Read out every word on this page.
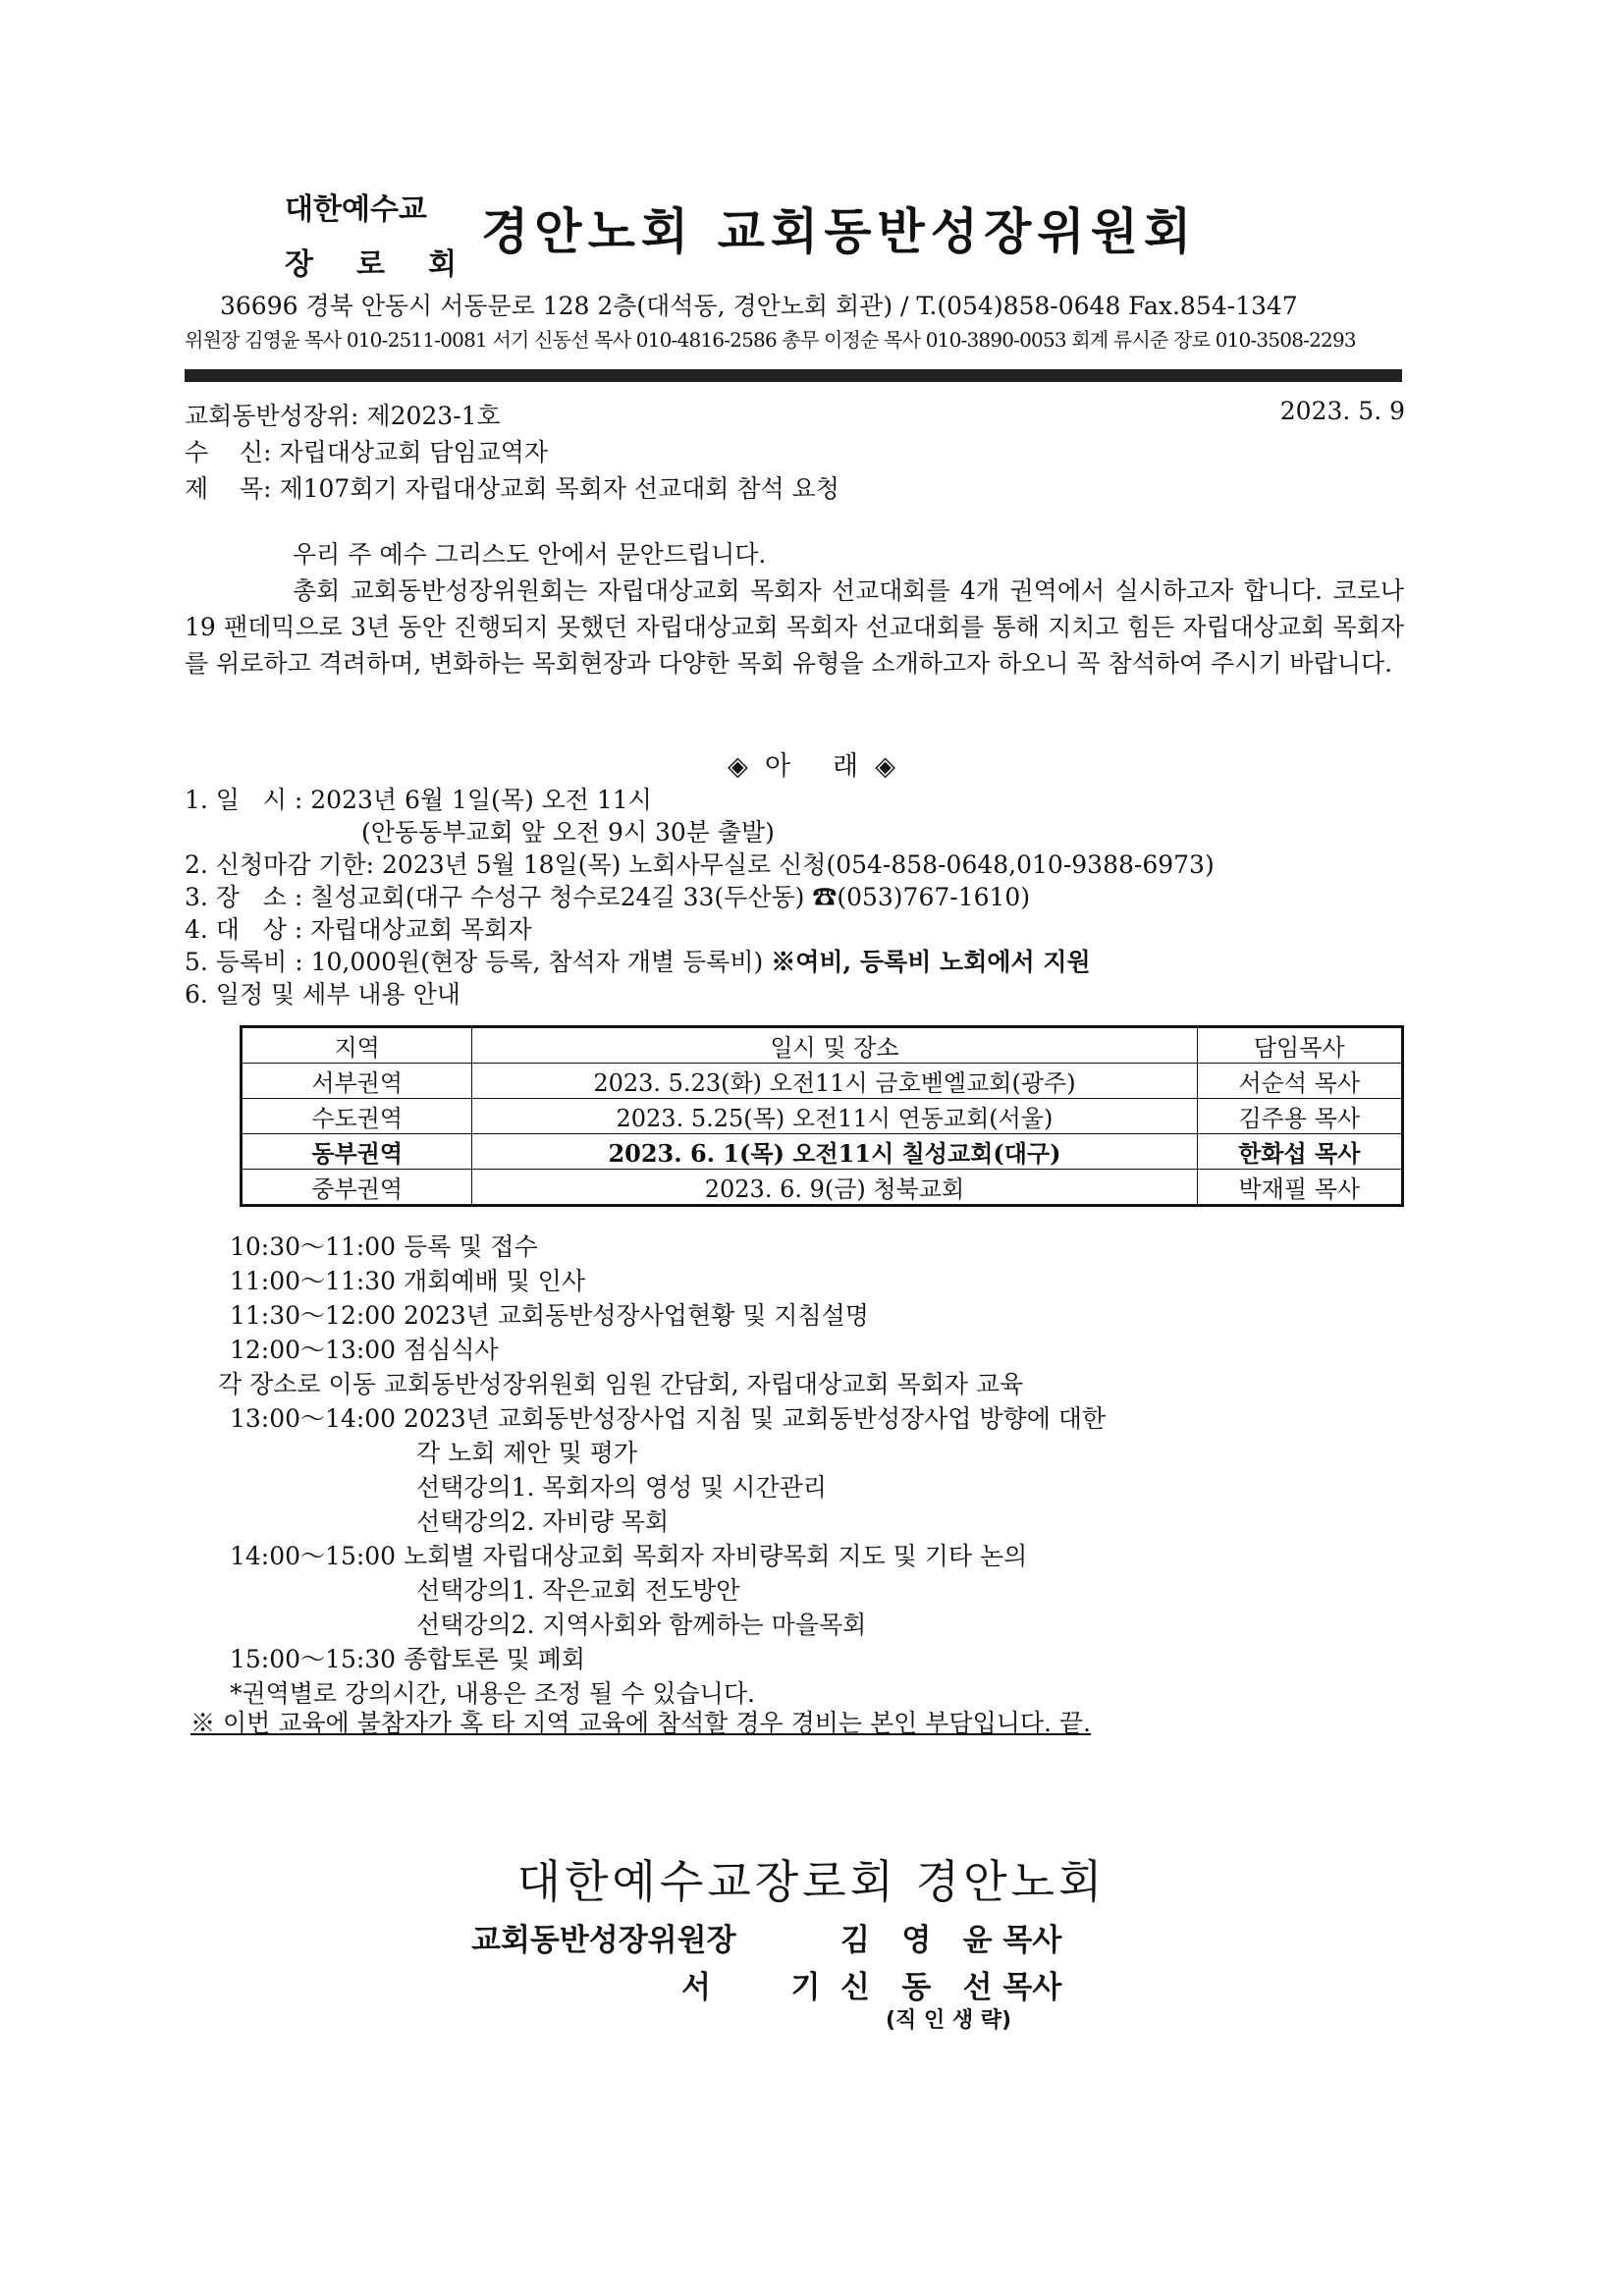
대한예수교
장로회
경안노회 교회동반성장위원회
36696 경북 안동시 서동문로 128 2층(대석동, 경안노회 회관) / T.(054)858-0648 Fax.854-1347
위원장 김영윤 목사 010-2511-0081 서기 신동선 목사 010-4816-2586 총무 이정순 목사 010-3890-0053 회계 류시준 장로 010-3508-2293
교회동반성장위: 제2023-1호	2023. 5. 9
수    신: 자립대상교회 담임교역자
제    목: 제107회기 자립대상교회 목회자 선교대회 참석 요청

우리 주 예수 그리스도 안에서 문안드립니다.

총회 교회동반성장위원회는 자립대상교회 목회자 선교대회를 4개 권역에서 실시하고자 합니다. 코로나19 팬데믹으로 3년 동안 진행되지 못했던 자립대상교회 목회자 선교대회를 통해 지치고 힘든 자립대상교회 목회자를 위로하고 격려하며, 변화하는 목회현장과 다양한 목회 유형을 소개하고자 하오니 꼭 참석하여 주시기 바랍니다.

◈  아     래  ◈
1. 일   시 : 2023년 6월 1일(목) 오전 11시
(안동동부교회 앞 오전 9시 30분 출발)
2. 신청마감 기한: 2023년 5월 18일(목) 노회사무실로 신청(054-858-0648,010-9388-6973)
3. 장   소 : 칠성교회(대구 수성구 청수로24길 33(두산동) ☎(053)767-1610)
4. 대   상 : 자립대상교회 목회자
5. 등록비 : 10,000원(현장 등록, 참석자 개별 등록비) ※여비, 등록비 노회에서 지원
6. 일정 및 세부 내용 안내
지역	일시 및 장소	담임목사
서부권역	2023. 5.23(화) 오전11시 금호벧엘교회(광주)	서순석 목사
수도권역	2023. 5.25(목) 오전11시 연동교회(서울)	김주용 목사
동부권역	2023. 6. 1(목) 오전11시 칠성교회(대구)	한화섭 목사
중부권역	2023. 6. 9(금) 청북교회	박재필 목사
10:30～11:00 등록 및 접수
11:00～11:30 개회예배 및 인사
11:30～12:00 2023년 교회동반성장사업현황 및 지침설명
12:00～13:00 점심식사
각 장소로 이동 교회동반성장위원회 임원 간담회, 자립대상교회 목회자 교육
13:00～14:00 2023년 교회동반성장사업 지침 및 교회동반성장사업 방향에 대한
각 노회 제안 및 평가
선택강의1. 목회자의 영성 및 시간관리
선택강의2. 자비량 목회
14:00～15:00 노회별 자립대상교회 목회자 자비량목회 지도 및 기타 논의
선택강의1. 작은교회 전도방안
선택강의2. 지역사회와 함께하는 마을목회
15:00～15:30 종합토론 및 폐회
*권역별로 강의시간, 내용은 조정 될 수 있습니다.
※ 이번 교육에 불참자가 혹 타 지역 교육에 참석할 경우 경비는 본인 부담입니다. 끝.
대한예수교장로회 경안노회
교회동반성장위원장	김   영   윤 목사
서  기 신   동   선 목사
(직 인 생 략)
